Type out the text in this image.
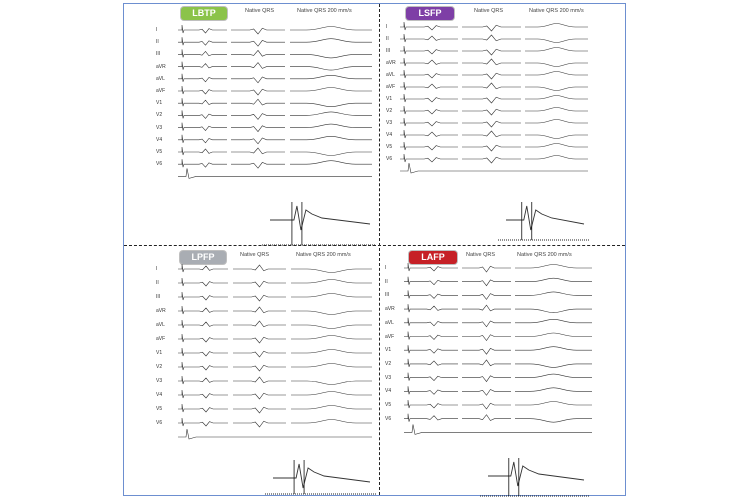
LBTP	Native QRS	Native QRS 200 mm/s	LSFP	Native QRS	Native QRS 200 mm/s
LPFP	Native QRS	Native QRS 200 mm/s	LAFP	Native QRS	Native QRS 200 mm/s
I
II
III
aVR
aVL
aVF
V1
V2
V3
V4
V5
V6
I
II
III
aVR
aVL
aVF
V1
V2
V3
V4
V5
V6
I
II
III
aVR
aVL
aVF
V1
V2
V3
V4
V5
V6
I
II
III
aVR
aVL
aVF
V1
V2
V3
V4
V5
V6
